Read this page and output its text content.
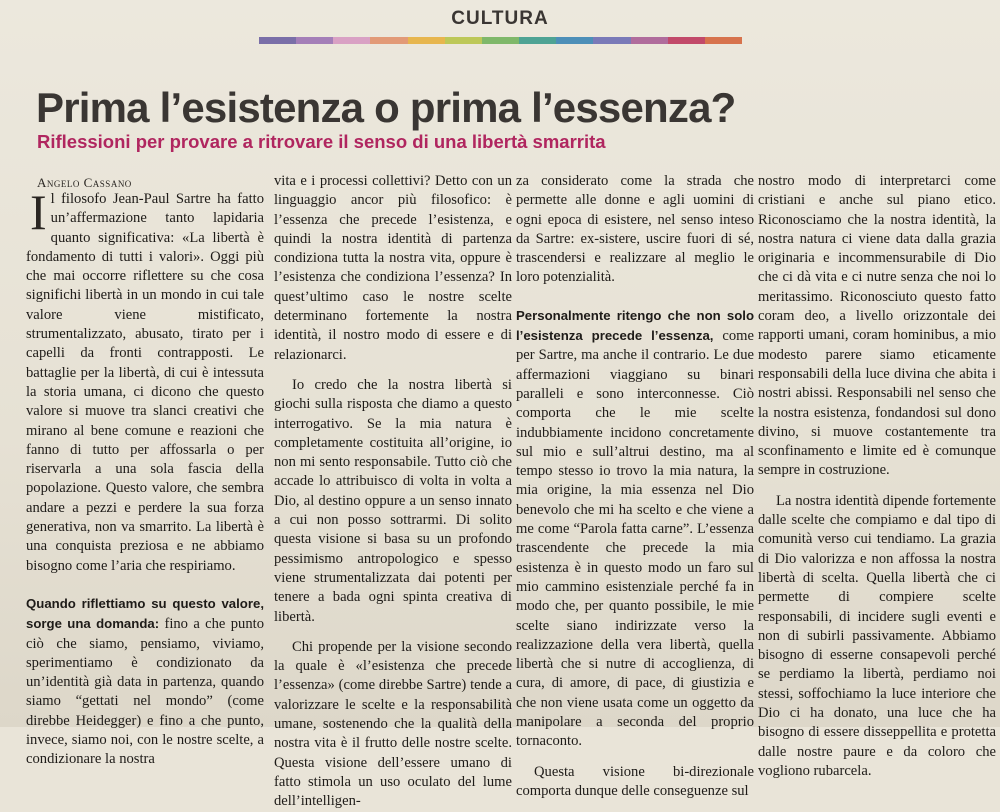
CULTURA
Prima l’esistenza o prima l’essenza?
Riflessioni per provare a ritrovare il senso di una libertà smarrita
Angelo Cassano

Il filosofo Jean-Paul Sartre ha fatto un’affermazione tanto lapidaria quanto significativa: «La libertà è fondamento di tutti i valori». Oggi più che mai occorre riflettere su che cosa significhi libertà in un mondo in cui tale valore viene mistificato, strumentalizzato, abusato, tirato per i capelli da fronti contrapposti. Le battaglie per la libertà, di cui è intessuta la storia umana, ci dicono che questo valore si muove tra slanci creativi che mirano al bene comune e reazioni che fanno di tutto per affossarla o per riservarla a una sola fascia della popolazione. Questo valore, che sembra andare a pezzi e perdere la sua forza generativa, non va smarrito. La libertà è una conquista preziosa e ne abbiamo bisogno come l’aria che respiriamo.

Quando riflettiamo su questo valore, sorge una domanda: fino a che punto ciò che siamo, pensiamo, viviamo, sperimentiamo è condizionato da un’identità già data in partenza, quando siamo “gettati nel mondo” (come direbbe Heidegger) e fino a che punto, invece, siamo noi, con le nostre scelte, a condizionare la nostra

vita e i processi collettivi? Detto con un linguaggio ancor più filosofico: è l’essenza che precede l’esistenza, e quindi la nostra identità di partenza condiziona tutta la nostra vita, oppure è l’esistenza che condiziona l’essenza? In quest’ultimo caso le nostre scelte determinano fortemente la nostra identità, il nostro modo di essere e di relazionarci.

Io credo che la nostra libertà si giochi sulla risposta che diamo a questo interrogativo. Se la mia natura è completamente costituita all’origine, io non mi sento responsabile. Tutto ciò che accade lo attribuisco di volta in volta a Dio, al destino oppure a un senso innato a cui non posso sottrarmi. Di solito questa visione si basa su un profondo pessimismo antropologico e spesso viene strumentalizzata dai potenti per tenere a bada ogni spinta creativa di libertà.

Chi propende per la visione secondo la quale è «l’esistenza che precede l’essenza» (come direbbe Sartre) tende a valorizzare le scelte e la responsabilità umane, sostenendo che la qualità della nostra vita è il frutto delle nostre scelte. Questa visione dell’essere umano di fatto stimola un uso oculato del lume dell’intelligen-

za considerato come la strada che permette alle donne e agli uomini di ogni epoca di esistere, nel senso inteso da Sartre: ex-sistere, uscire fuori di sé, trascendersi e realizzare al meglio le loro potenzialità.

Personalmente ritengo che non solo l’esistenza precede l’essenza, come per Sartre, ma anche il contrario. Le due affermazioni viaggiano su binari paralleli e sono interconnesse. Ciò comporta che le mie scelte indubbiamente incidono concretamente sul mio e sull’altrui destino, ma al tempo stesso io trovo la mia natura, la mia origine, la mia essenza nel Dio benevolo che mi ha scelto e che viene a me come “Parola fatta carne”. L’essenza trascendente che precede la mia esistenza è in questo modo un faro sul mio cammino esistenziale perché fa in modo che, per quanto possibile, le mie scelte siano indirizzate verso la realizzazione della vera libertà, quella libertà che si nutre di accoglienza, di cura, di amore, di pace, di giustizia e che non viene usata come un oggetto da manipolare a seconda del proprio tornaconto.

Questa visione bi-direzionale comporta dunque delle conseguenze sul

nostro modo di interpretarci come cristiani e anche sul piano etico. Riconosciamo che la nostra identità, la nostra natura ci viene data dalla grazia originaria e incommensurabile di Dio che ci dà vita e ci nutre senza che noi lo meritassimo. Riconosciuto questo fatto coram deo, a livello orizzontale dei rapporti umani, coram hominibus, a mio modesto parere siamo eticamente responsabili della luce divina che abita i nostri abissi. Responsabili nel senso che la nostra esistenza, fondandosi sul dono divino, si muove costantemente tra sconfinamento e limite ed è comunque sempre in costruzione.

La nostra identità dipende fortemente dalle scelte che compiamo e dal tipo di comunità verso cui tendiamo. La grazia di Dio valorizza e non affossa la nostra libertà di scelta. Quella libertà che ci permette di compiere scelte responsabili, di incidere sugli eventi e non di subirli passivamente. Abbiamo bisogno di esserne consapevoli perché se perdiamo la libertà, perdiamo noi stessi, soffochiamo la luce interiore che Dio ci ha donato, una luce che ha bisogno di essere disseppellita e protetta dalle nostre paure e da coloro che vogliono rubarcela.
